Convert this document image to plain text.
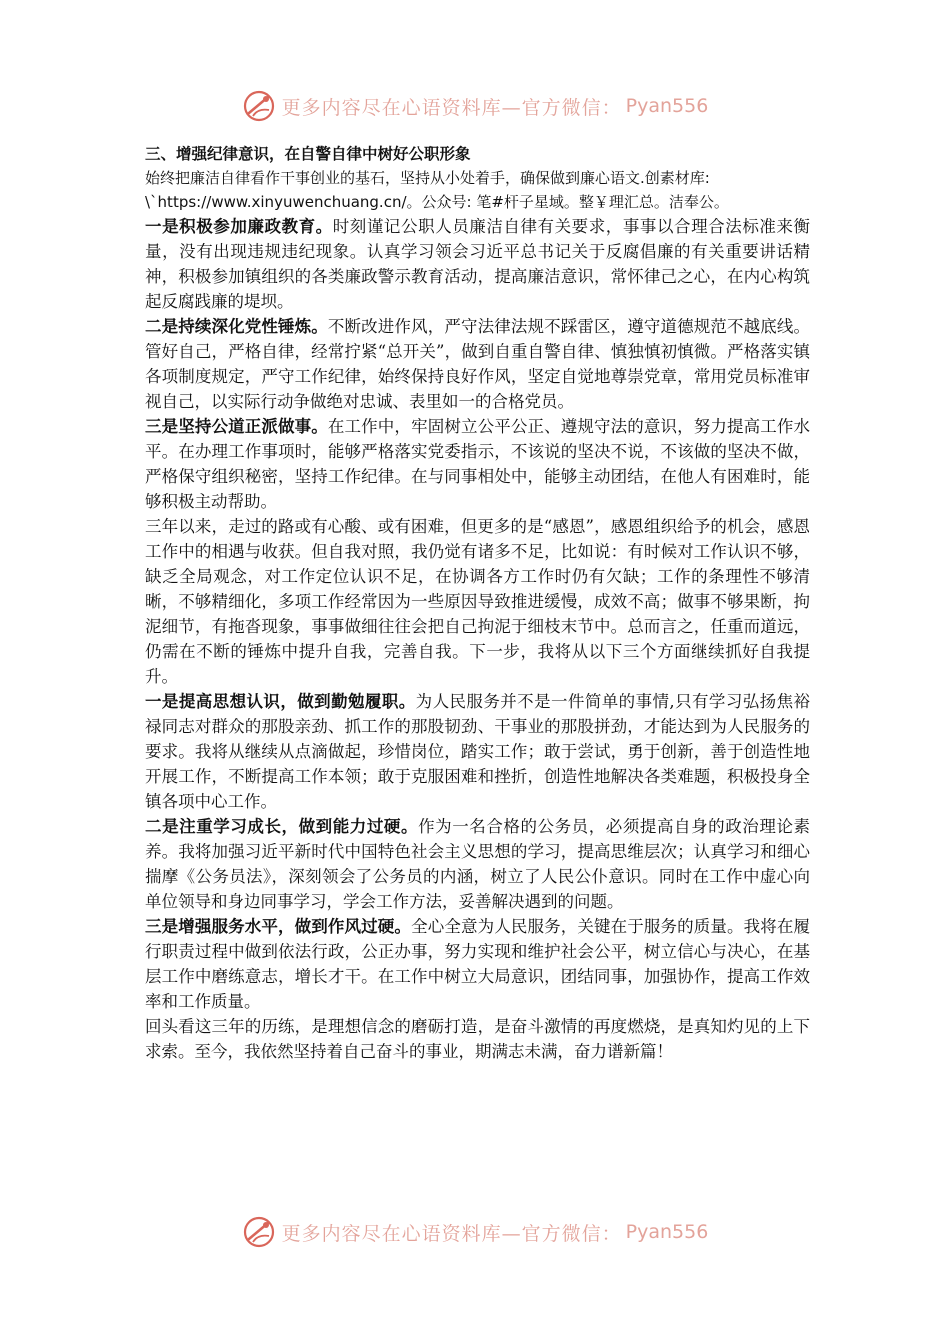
更多内容尽在心语资料库—官方微信： Pyan556
三、增强纪律意识，在自警自律中树好公职形象
始终把廉洁自律看作干事创业的基石，坚持从小处着手，确保做到廉心语文.创素材库:
\`https://www.xinyuwenchuang.cn/。公众号: 笔#杆子星域。整￥理汇总。洁奉公。

一是积极参加廉政教育。时刻谨记公职人员廉洁自律有关要求，事事以合理合法标准来衡量，没有出现违规违纪现象。认真学习领会习近平总书记关于反腐倡廉的有关重要讲话精神，积极参加镇组织的各类廉政警示教育活动，提高廉洁意识，常怀律己之心，在内心构筑起反腐践廉的堤坝。

二是持续深化党性锤炼。不断改进作风，严守法律法规不踩雷区，遵守道德规范不越底线。管好自己，严格自律，经常拧紧“总开关”，做到自重自警自律、慎独慎初慎微。严格落实镇各项制度规定，严守工作纪律，始终保持良好作风，坚定自觉地尊崇党章，常用党员标准审视自己，以实际行动争做绝对忠诚、表里如一的合格党员。

三是坚持公道正派做事。在工作中，牢固树立公平公正、遵规守法的意识，努力提高工作水平。在办理工作事项时，能够严格落实党委指示，不该说的坚决不说，不该做的坚决不做，严格保守组织秘密，坚持工作纪律。在与同事相处中，能够主动团结，在他人有困难时，能够积极主动帮助。

三年以来，走过的路或有心酸、或有困难，但更多的是“感恩”，感恩组织给予的机会，感恩工作中的相遇与收获。但自我对照，我仍觉有诸多不足，比如说：有时候对工作认识不够，缺乏全局观念，对工作定位认识不足，在协调各方工作时仍有欠缺；工作的条理性不够清晰，不够精细化，多项工作经常因为一些原因导致推进缓慢，成效不高；做事不够果断，拘泥细节，有拖沓现象，事事做细往往会把自己拘泥于细枝末节中。总而言之，任重而道远，仍需在不断的锤炼中提升自我，完善自我。下一步，我将从以下三个方面继续抓好自我提升。

一是提高思想认识，做到勤勉履职。为人民服务并不是一件简单的事情,只有学习弘扬焦裕禄同志对群众的那股亲劲、抓工作的那股韧劲、干事业的那股拼劲，才能达到为人民服务的要求。我将从继续从点滴做起，珍惜岗位，踏实工作；敢于尝试，勇于创新，善于创造性地开展工作，不断提高工作本领；敢于克服困难和挫折，创造性地解决各类难题，积极投身全镇各项中心工作。

二是注重学习成长，做到能力过硬。作为一名合格的公务员，必须提高自身的政治理论素养。我将加强习近平新时代中国特色社会主义思想的学习，提高思维层次；认真学习和细心揣摩《公务员法》，深刻领会了公务员的内涵，树立了人民公仆意识。同时在工作中虚心向单位领导和身边同事学习，学会工作方法，妥善解决遇到的问题。

三是增强服务水平，做到作风过硬。全心全意为人民服务，关键在于服务的质量。我将在履行职责过程中做到依法行政，公正办事，努力实现和维护社会公平，树立信心与决心，在基层工作中磨练意志，增长才干。在工作中树立大局意识，团结同事，加强协作，提高工作效率和工作质量。

回头看这三年的历练，是理想信念的磨砺打造，是奋斗激情的再度燃烧，是真知灼见的上下求索。至今，我依然坚持着自己奋斗的事业，期满志未满，奋力谱新篇！

更多内容尽在心语资料库—官方微信： Pyan556
